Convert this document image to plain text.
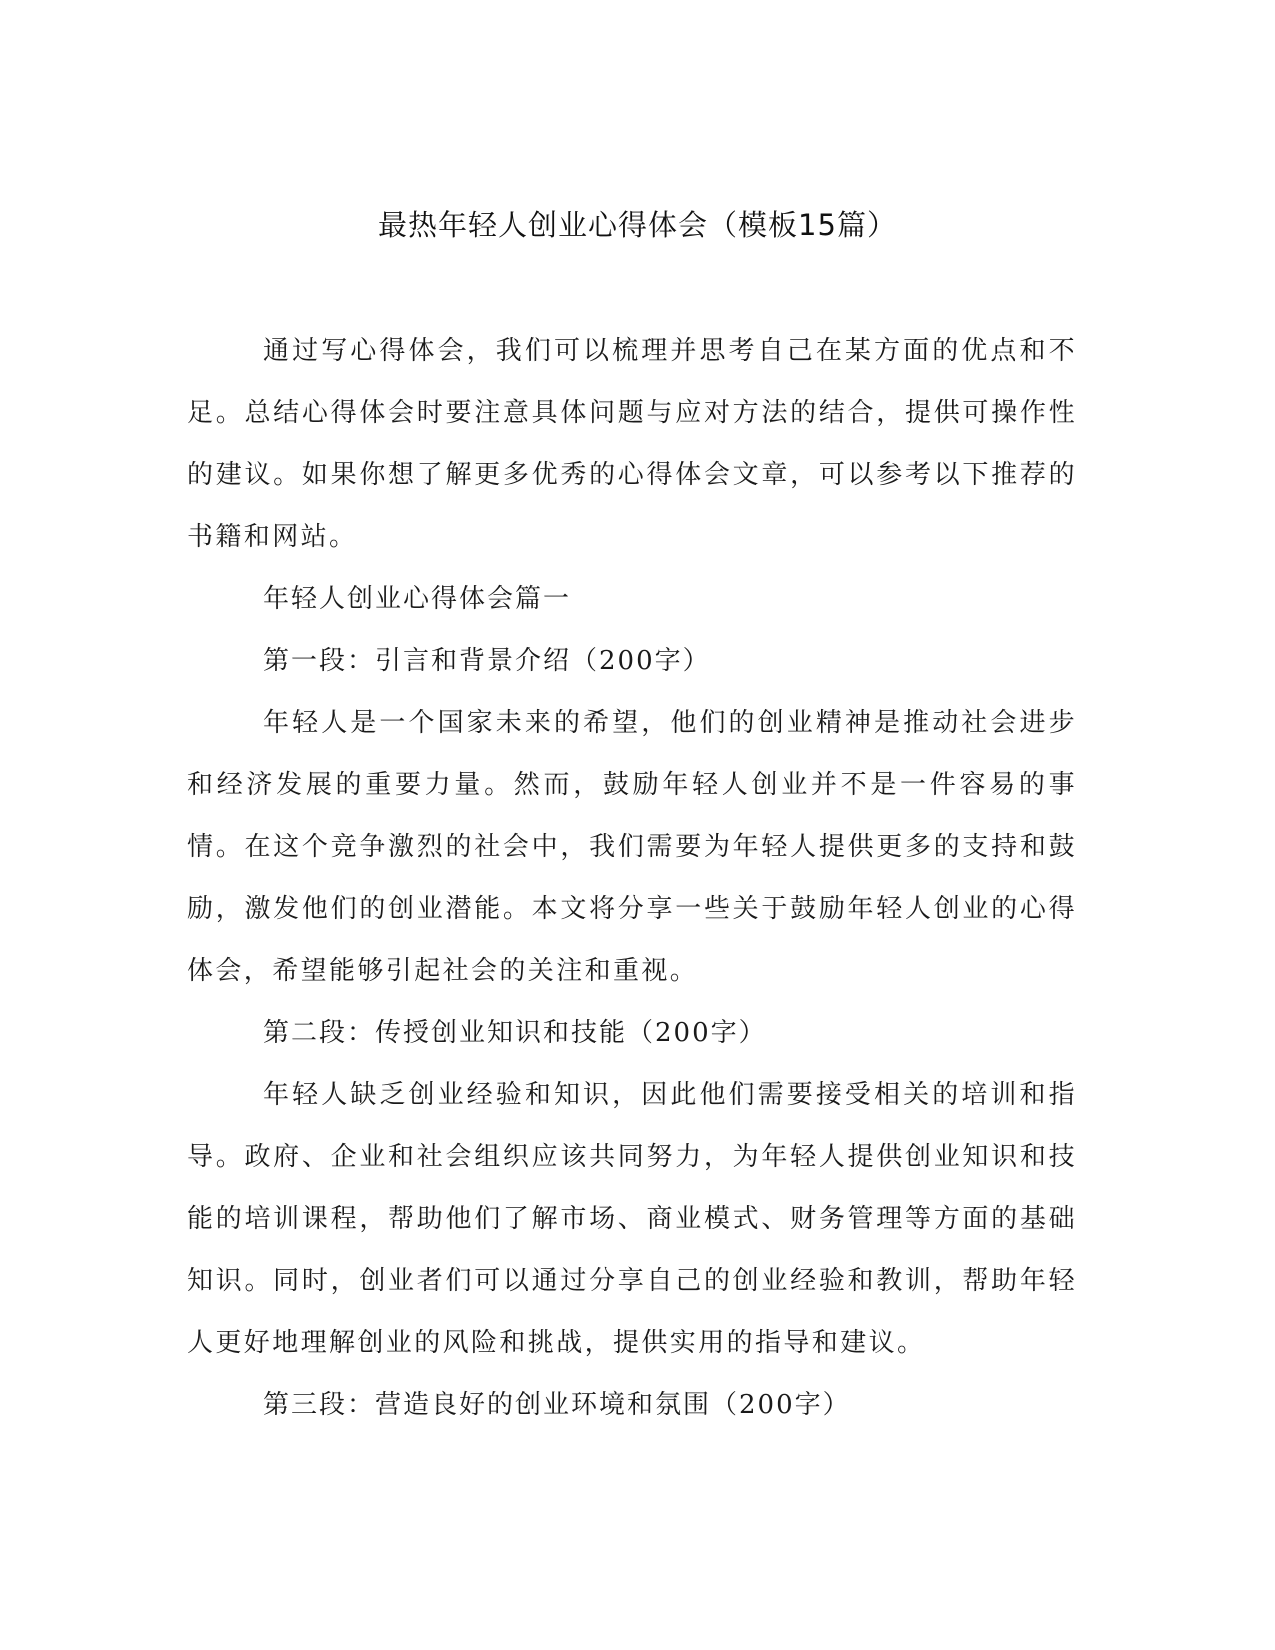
最热年轻人创业心得体会（模板15篇）

通过写心得体会，我们可以梳理并思考自己在某方面的优点和不足。总结心得体会时要注意具体问题与应对方法的结合，提供可操作性的建议。如果你想了解更多优秀的心得体会文章，可以参考以下推荐的书籍和网站。

年轻人创业心得体会篇一

第一段：引言和背景介绍（200字）

年轻人是一个国家未来的希望，他们的创业精神是推动社会进步和经济发展的重要力量。然而，鼓励年轻人创业并不是一件容易的事情。在这个竞争激烈的社会中，我们需要为年轻人提供更多的支持和鼓励，激发他们的创业潜能。本文将分享一些关于鼓励年轻人创业的心得体会，希望能够引起社会的关注和重视。

第二段：传授创业知识和技能（200字）

年轻人缺乏创业经验和知识，因此他们需要接受相关的培训和指导。政府、企业和社会组织应该共同努力，为年轻人提供创业知识和技能的培训课程，帮助他们了解市场、商业模式、财务管理等方面的基础知识。同时，创业者们可以通过分享自己的创业经验和教训，帮助年轻人更好地理解创业的风险和挑战，提供实用的指导和建议。

第三段：营造良好的创业环境和氛围（200字）
